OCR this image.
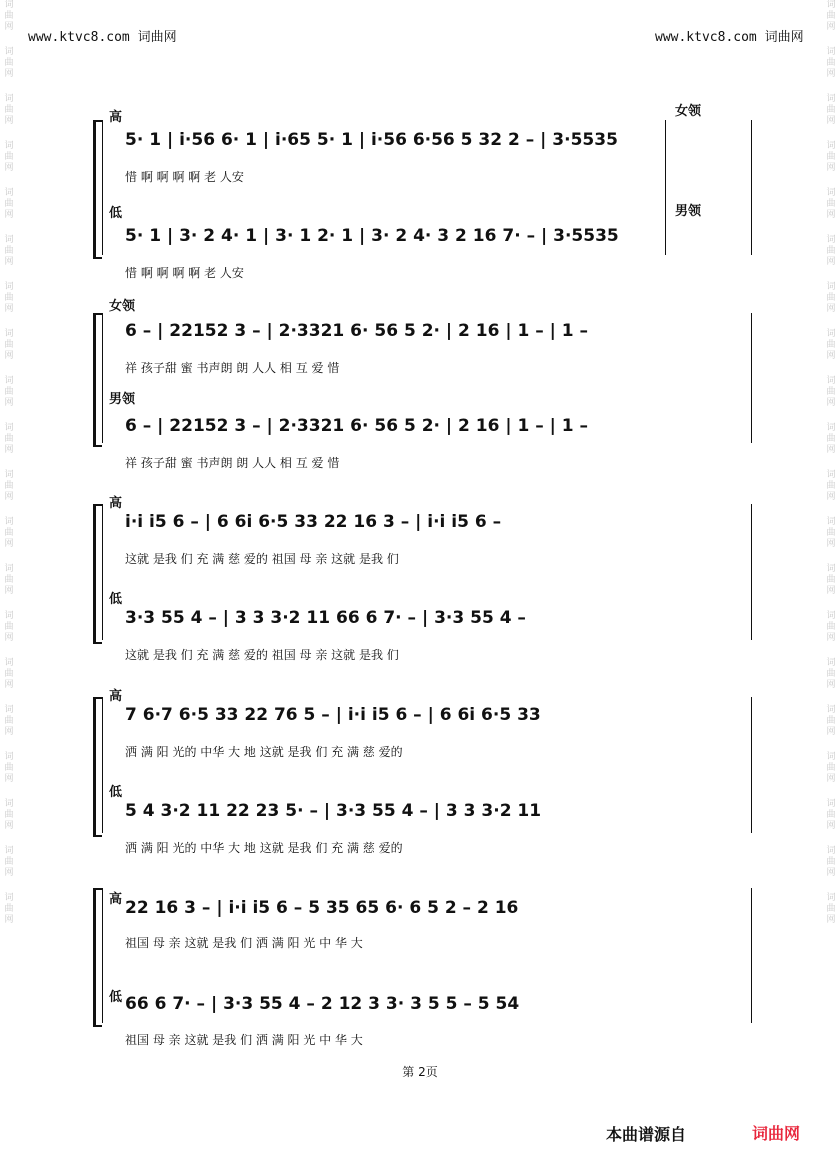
www.ktvc8.com 词曲网	www.ktvc8.com 词曲网
词
曲
网
词
曲
网
词
曲
网
词
曲
网
词
曲
网
词
曲
网
词
曲
网
词
曲
网
词
曲
网
词
曲
网
词
曲
网
词
曲
网
词
曲
网
词
曲
网
词
曲
网
词
曲
网
词
曲
网
词
曲
网
词
曲
网
词
曲
网
词
曲
网
词
曲
网
词
曲
网
词
曲
网
词
曲
网
词
曲
网
词
曲
网
词
曲
网
词
曲
网
词
曲
网
词
曲
网
词
曲
网
词
曲
网
词
曲
网
词
曲
网
词
曲
网
词
曲
网
词
曲
网
词
曲
网
词
曲
网
高
低
女领
男领
5· 1 | i·56 6· 1 | i·65 5· 1 | i·56 6·56 5 32 2 – | 3·5535
惜 啊 啊 啊 啊 老 人安
5· 1 | 3· 2 4· 1 | 3· 1 2· 1 | 3· 2 4· 3 2 16 7· – | 3·5535
惜 啊 啊 啊 啊 老 人安
女领
男领
6 – | 22152 3 – | 2·3321 6· 56 5 2· | 2 16 | 1 – | 1 –
祥 孩子甜 蜜 书声朗 朗 人人 相 互 爱 惜
6 – | 22152 3 – | 2·3321 6· 56 5 2· | 2 16 | 1 – | 1 –
祥 孩子甜 蜜 书声朗 朗 人人 相 互 爱 惜
高
低
i·i i5 6 – | 6 6i 6·5 33 22 16 3 – | i·i i5 6 –
这就 是我 们 充 满 慈 爱的 祖国 母 亲 这就 是我 们
3·3 55 4 – | 3 3 3·2 11 66 6 7· – | 3·3 55 4 –
这就 是我 们 充 满 慈 爱的 祖国 母 亲 这就 是我 们
高
低
7 6·7 6·5 33 22 76 5 – | i·i i5 6 – | 6 6i 6·5 33
洒 满 阳 光的 中华 大 地 这就 是我 们 充 满 慈 爱的
5 4 3·2 11 22 23 5· – | 3·3 55 4 – | 3 3 3·2 11
洒 满 阳 光的 中华 大 地 这就 是我 们 充 满 慈 爱的
高
低
22 16 3 – | i·i i5 6 – 5 35 65 6· 6 5 2 – 2 16
祖国 母 亲 这就 是我 们 洒 满 阳 光 中 华 大
66 6 7· – | 3·3 55 4 – 2 12 3 3· 3 5 5 – 5 54
祖国 母 亲 这就 是我 们 洒 满 阳 光 中 华 大
第 2页
本曲谱源自	词曲网
